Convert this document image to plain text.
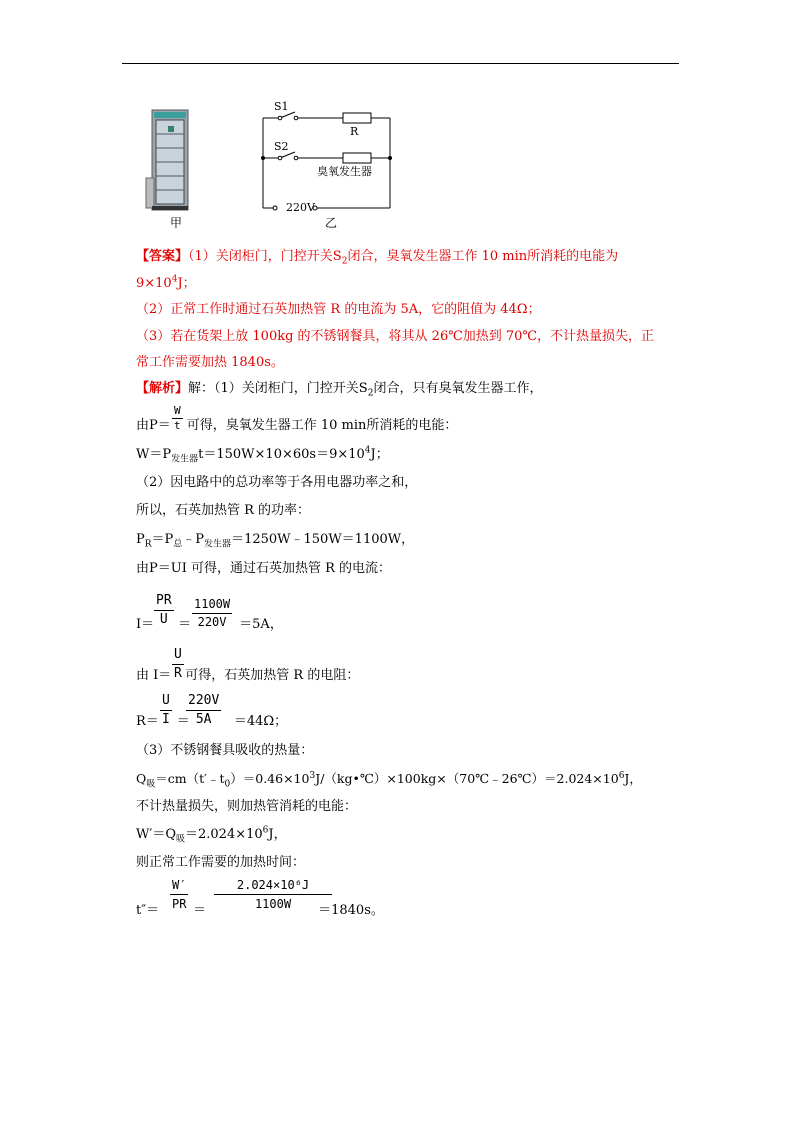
甲
S1
S2
R
臭氧发生器
220V
乙
【答案】（1）关闭柜门，门控开关$S_2$闭合，臭氧发生器工作 10 min所消耗的电能为
$9\times 10^4J$；
（2）正常工作时通过石英加热管 R 的电流为 5A，它的阻值为 44Ω；
（3）若在货架上放 100kg 的不锈钢餐具，将其从 26℃加热到 70℃，不计热量损失，正
常工作需要加热 1840s。
【解析】解：（1）关闭柜门，门控开关$S_2$闭合，只有臭氧发生器工作，
$\frac{W}{t}$
由P＝ 可得，臭氧发生器工作 10 min所消耗的电能：
$W=P_{发生器}t=150W\times 10\times 60s=9\times 10^4J$；
（2）因电路中的总功率等于各用电器功率之和，
所以，石英加热管 R 的功率：
$P_R=P_总﹣P_{发生器}=1250W﹣150W=1100W$，
由P＝UI 可得，通过石英加热管 R 的电流：
$\frac{PR}{U} \frac{1100W}{220V}$
I＝ ＝	＝5A，
$\frac{U}{R}$
由 I＝ 可得，石英加热管 R 的电阻：
$\frac{U}{I} \frac{220V}{5A}$
R＝ ＝	＝44Ω；
（3）不锈钢餐具吸收的热量：
$Q_吸=cm(t'﹣t_0)=0.46\times 10^3J/(kg•℃)\times 100kg\times(70℃﹣26℃)=2.024\times 10^6J$，
不计热量损失，则加热管消耗的电能：
$W'=Q_吸=2.024\times 10^6J$，
则正常工作需要的加热时间：
$\frac{W'}{PR} \frac{\text{2.024×10⁶J}}{1100W}$
t″＝	＝	＝1840s。
